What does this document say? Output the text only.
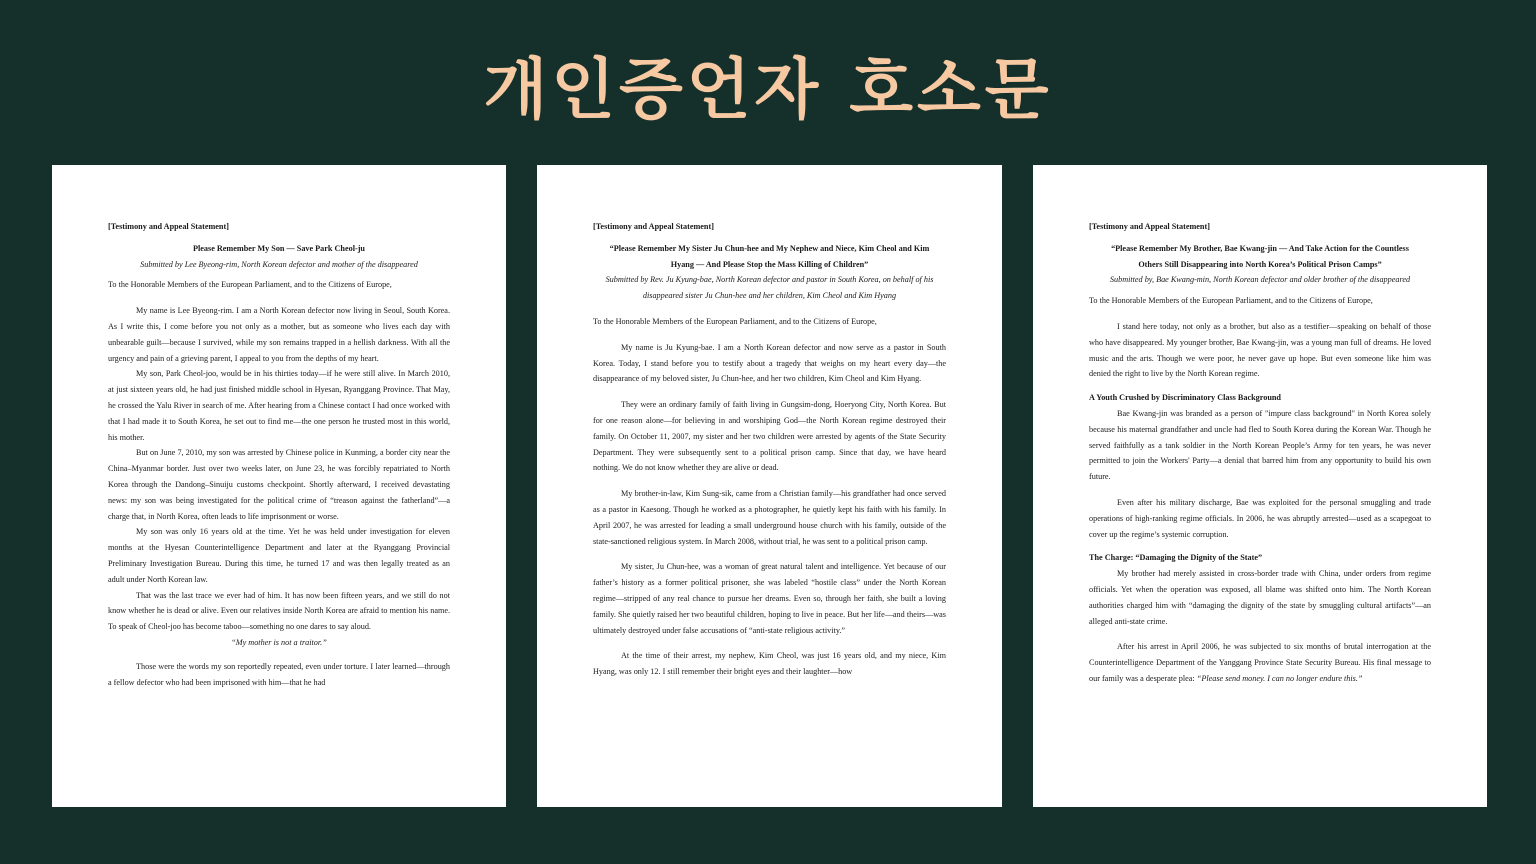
개인증언자 호소문

[Testimony and Appeal Statement]

Please Remember My Son — Save Park Cheol-ju

Submitted by Lee Byeong-rim, North Korean defector and mother of the disappeared

To the Honorable Members of the European Parliament, and to the Citizens of Europe,

My name is Lee Byeong-rim. I am a North Korean defector now living in Seoul, South Korea. As I write this, I come before you not only as a mother, but as someone who lives each day with unbearable guilt—because I survived, while my son remains trapped in a hellish darkness. With all the urgency and pain of a grieving parent, I appeal to you from the depths of my heart.

My son, Park Cheol-joo, would be in his thirties today—if he were still alive. In March 2010, at just sixteen years old, he had just finished middle school in Hyesan, Ryanggang Province. That May, he crossed the Yalu River in search of me. After hearing from a Chinese contact I had once worked with that I had made it to South Korea, he set out to find me—the one person he trusted most in this world, his mother.

But on June 7, 2010, my son was arrested by Chinese police in Kunming, a border city near the China–Myanmar border. Just over two weeks later, on June 23, he was forcibly repatriated to North Korea through the Dandong–Sinuiju customs checkpoint. Shortly afterward, I received devastating news: my son was being investigated for the political crime of “treason against the fatherland”—a charge that, in North Korea, often leads to life imprisonment or worse.

My son was only 16 years old at the time. Yet he was held under investigation for eleven months at the Hyesan Counterintelligence Department and later at the Ryanggang Provincial Preliminary Investigation Bureau. During this time, he turned 17 and was then legally treated as an adult under North Korean law.

That was the last trace we ever had of him. It has now been fifteen years, and we still do not know whether he is dead or alive. Even our relatives inside North Korea are afraid to mention his name. To speak of Cheol-joo has become taboo—something no one dares to say aloud.

“My mother is not a traitor.”

Those were the words my son reportedly repeated, even under torture. I later learned—through a fellow defector who had been imprisoned with him—that he had

[Testimony and Appeal Statement]

“Please Remember My Sister Ju Chun-hee and My Nephew and Niece, Kim Cheol and Kim Hyang — And Please Stop the Mass Killing of Children”

Submitted by Rev. Ju Kyung-bae, North Korean defector and pastor in South Korea, on behalf of his disappeared sister Ju Chun-hee and her children, Kim Cheol and Kim Hyang

To the Honorable Members of the European Parliament, and to the Citizens of Europe,

My name is Ju Kyung-bae. I am a North Korean defector and now serve as a pastor in South Korea. Today, I stand before you to testify about a tragedy that weighs on my heart every day—the disappearance of my beloved sister, Ju Chun-hee, and her two children, Kim Cheol and Kim Hyang.

They were an ordinary family of faith living in Gungsim-dong, Hoeryong City, North Korea. But for one reason alone—for believing in and worshiping God—the North Korean regime destroyed their family. On October 11, 2007, my sister and her two children were arrested by agents of the State Security Department. They were subsequently sent to a political prison camp. Since that day, we have heard nothing. We do not know whether they are alive or dead.

My brother-in-law, Kim Sung-sik, came from a Christian family—his grandfather had once served as a pastor in Kaesong. Though he worked as a photographer, he quietly kept his faith with his family. In April 2007, he was arrested for leading a small underground house church with his family, outside of the state-sanctioned religious system. In March 2008, without trial, he was sent to a political prison camp.

My sister, Ju Chun-hee, was a woman of great natural talent and intelligence. Yet because of our father’s history as a former political prisoner, she was labeled “hostile class” under the North Korean regime—stripped of any real chance to pursue her dreams. Even so, through her faith, she built a loving family. She quietly raised her two beautiful children, hoping to live in peace. But her life—and theirs—was ultimately destroyed under false accusations of “anti-state religious activity.”

At the time of their arrest, my nephew, Kim Cheol, was just 16 years old, and my niece, Kim Hyang, was only 12. I still remember their bright eyes and their laughter—how

[Testimony and Appeal Statement]

“Please Remember My Brother, Bae Kwang-jin — And Take Action for the Countless Others Still Disappearing into North Korea’s Political Prison Camps”

Submitted by, Bae Kwang-min, North Korean defector and older brother of the disappeared

To the Honorable Members of the European Parliament, and to the Citizens of Europe,

I stand here today, not only as a brother, but also as a testifier—speaking on behalf of those who have disappeared. My younger brother, Bae Kwang-jin, was a young man full of dreams. He loved music and the arts. Though we were poor, he never gave up hope. But even someone like him was denied the right to live by the North Korean regime.

A Youth Crushed by Discriminatory Class Background

Bae Kwang-jin was branded as a person of "impure class background" in North Korea solely because his maternal grandfather and uncle had fled to South Korea during the Korean War. Though he served faithfully as a tank soldier in the North Korean People’s Army for ten years, he was never permitted to join the Workers' Party—a denial that barred him from any opportunity to build his own future.

Even after his military discharge, Bae was exploited for the personal smuggling and trade operations of high-ranking regime officials. In 2006, he was abruptly arrested—used as a scapegoat to cover up the regime’s systemic corruption.

The Charge: “Damaging the Dignity of the State”

My brother had merely assisted in cross-border trade with China, under orders from regime officials. Yet when the operation was exposed, all blame was shifted onto him. The North Korean authorities charged him with “damaging the dignity of the state by smuggling cultural artifacts”—an alleged anti-state crime.

After his arrest in April 2006, he was subjected to six months of brutal interrogation at the Counterintelligence Department of the Yanggang Province State Security Bureau. His final message to our family was a desperate plea: “Please send money. I can no longer endure this.”
